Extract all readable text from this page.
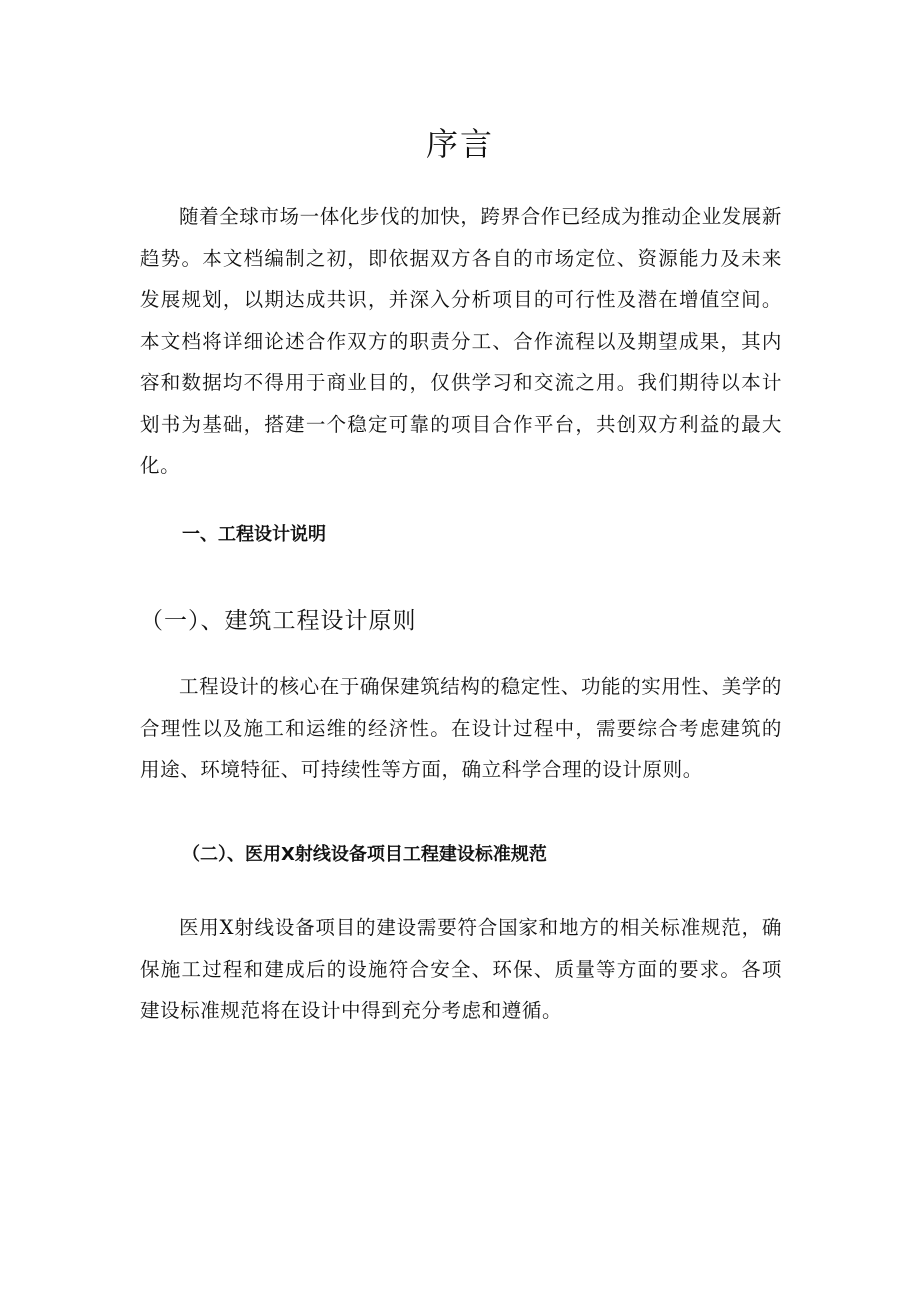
序言

随着全球市场一体化步伐的加快，跨界合作已经成为推动企业发展新趋势。本文档编制之初，即依据双方各自的市场定位、资源能力及未来发展规划，以期达成共识，并深入分析项目的可行性及潜在增值空间。本文档将详细论述合作双方的职责分工、合作流程以及期望成果，其内容和数据均不得用于商业目的，仅供学习和交流之用。我们期待以本计划书为基础，搭建一个稳定可靠的项目合作平台，共创双方利益的最大化。

一、工程设计说明
（一）、建筑工程设计原则

工程设计的核心在于确保建筑结构的稳定性、功能的实用性、美学的合理性以及施工和运维的经济性。在设计过程中，需要综合考虑建筑的用途、环境特征、可持续性等方面，确立科学合理的设计原则。

（二）、医用X射线设备项目工程建设标准规范

医用X射线设备项目的建设需要符合国家和地方的相关标准规范，确保施工过程和建成后的设施符合安全、环保、质量等方面的要求。各项建设标准规范将在设计中得到充分考虑和遵循。
